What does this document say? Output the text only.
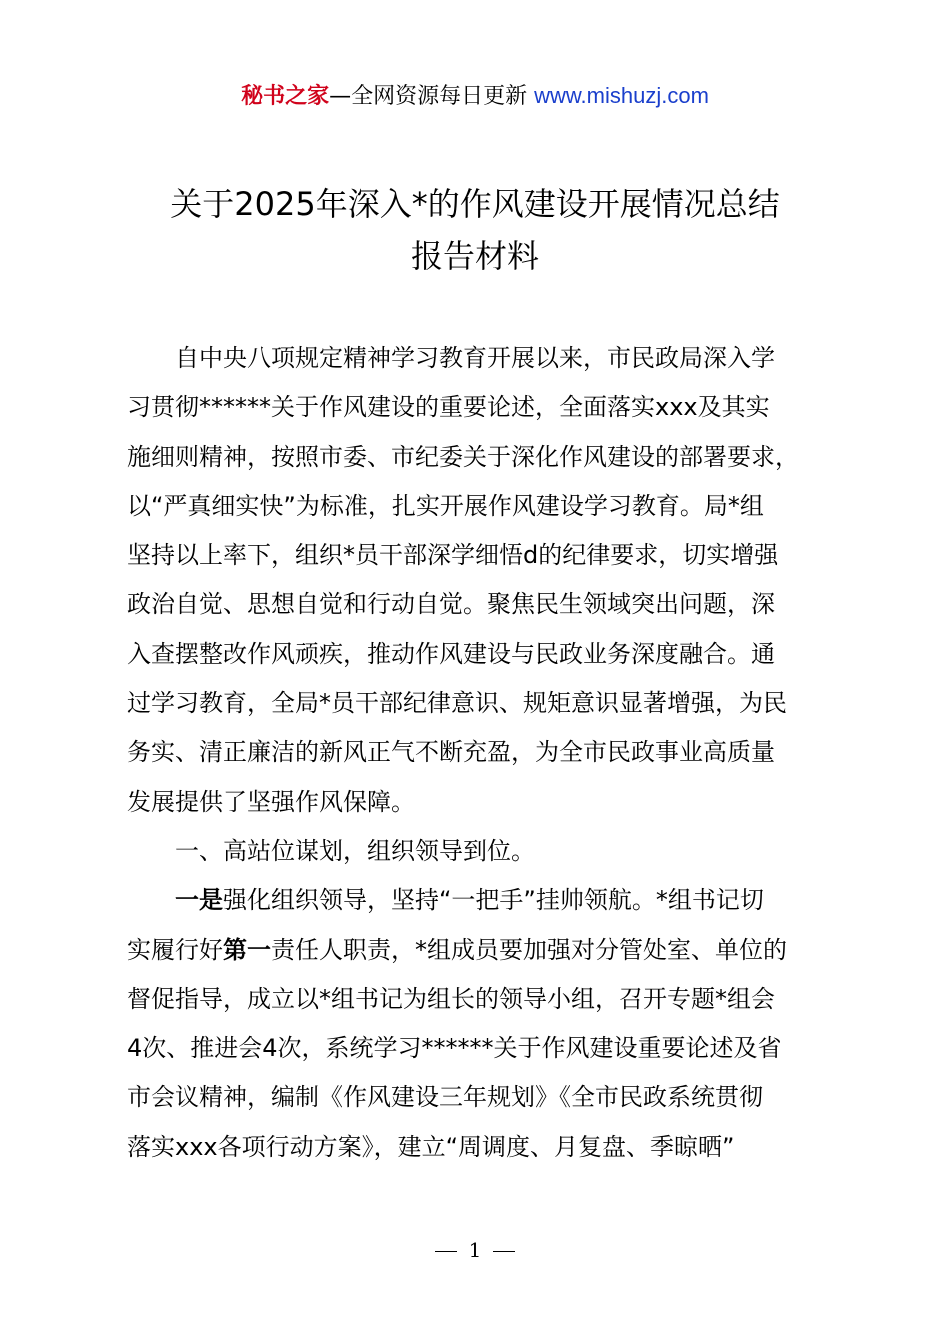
秘书之家—全网资源每日更新 www.mishuzj.com
关于2025年深入*的作风建设开展情况总结
报告材料
自中央八项规定精神学习教育开展以来，市民政局深入学
习贯彻******关于作风建设的重要论述，全面落实xxx及其实
施细则精神，按照市委、市纪委关于深化作风建设的部署要求，
以“严真细实快”为标准，扎实开展作风建设学习教育。局*组
坚持以上率下，组织*员干部深学细悟d的纪律要求，切实增强
政治自觉、思想自觉和行动自觉。聚焦民生领域突出问题，深
入查摆整改作风顽疾，推动作风建设与民政业务深度融合。通
过学习教育，全局*员干部纪律意识、规矩意识显著增强，为民
务实、清正廉洁的新风正气不断充盈，为全市民政事业高质量
发展提供了坚强作风保障。
一、高站位谋划，组织领导到位。
一是强化组织领导，坚持“一把手”挂帅领航。*组书记切
实履行好第一责任人职责，*组成员要加强对分管处室、单位的
督促指导，成立以*组书记为组长的领导小组，召开专题*组会
4次、推进会4次，系统学习******关于作风建设重要论述及省
市会议精神，编制《作风建设三年规划》《全市民政系统贯彻
落实xxx各项行动方案》，建立“周调度、月复盘、季晾晒”
1
